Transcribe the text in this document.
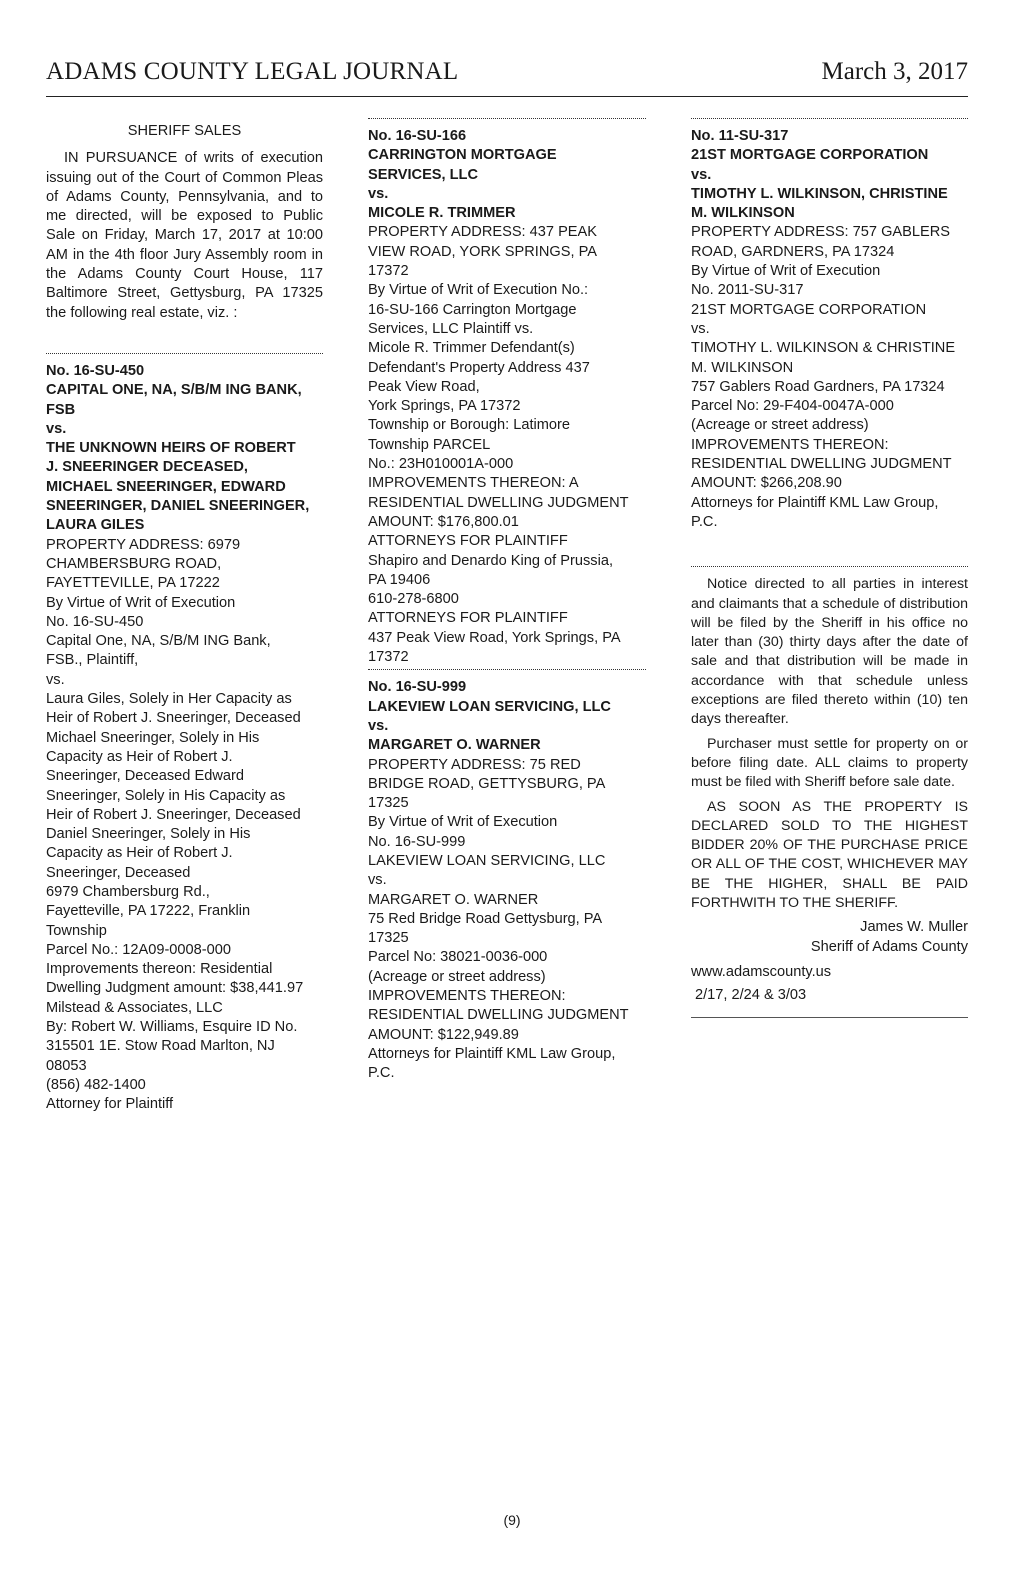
ADAMS COUNTY LEGAL JOURNAL	March 3, 2017
SHERIFF SALES

IN PURSUANCE of writs of execution issuing out of the Court of Common Pleas of Adams County, Pennsylvania, and to me directed, will be exposed to Public Sale on Friday, March 17, 2017 at 10:00 AM in the 4th floor Jury Assembly room in the Adams County Court House, 117 Baltimore Street, Gettysburg, PA 17325 the following real estate, viz. :

No. 16-SU-450
CAPITAL ONE, NA, S/B/M ING BANK,
FSB
vs.
THE UNKNOWN HEIRS OF ROBERT
J. SNEERINGER DECEASED,
MICHAEL SNEERINGER, EDWARD
SNEERINGER, DANIEL SNEERINGER,
LAURA GILES
PROPERTY ADDRESS: 6979
CHAMBERSBURG ROAD,
FAYETTEVILLE, PA 17222
By Virtue of Writ of Execution
No. 16-SU-450
Capital One, NA, S/B/M ING Bank,
FSB., Plaintiff,
vs.
Laura Giles, Solely in Her Capacity as
Heir of Robert J. Sneeringer, Deceased
Michael Sneeringer, Solely in His
Capacity as Heir of Robert J.
Sneeringer, Deceased Edward
Sneeringer, Solely in His Capacity as
Heir of Robert J. Sneeringer, Deceased
Daniel Sneeringer, Solely in His
Capacity as Heir of Robert J.
Sneeringer, Deceased
6979 Chambersburg Rd.,
Fayetteville, PA 17222, Franklin
Township
Parcel No.: 12A09-0008-000
Improvements thereon: Residential
Dwelling Judgment amount: $38,441.97
Milstead & Associates, LLC
By: Robert W. Williams, Esquire ID No.
315501 1E. Stow Road Marlton, NJ
08053
(856) 482-1400
Attorney for Plaintiff
No. 16-SU-166
CARRINGTON MORTGAGE
SERVICES, LLC
vs.
MICOLE R. TRIMMER
PROPERTY ADDRESS: 437 PEAK
VIEW ROAD, YORK SPRINGS, PA
17372
By Virtue of Writ of Execution No.:
16-SU-166 Carrington Mortgage
Services, LLC Plaintiff vs.
Micole R. Trimmer Defendant(s)
Defendant's Property Address 437
Peak View Road,
York Springs, PA 17372
Township or Borough: Latimore
Township PARCEL
No.: 23H010001A-000
IMPROVEMENTS THEREON: A
RESIDENTIAL DWELLING JUDGMENT
AMOUNT: $176,800.01
ATTORNEYS FOR PLAINTIFF
Shapiro and Denardo King of Prussia,
PA 19406
610-278-6800
ATTORNEYS FOR PLAINTIFF
437 Peak View Road, York Springs, PA
17372
No. 16-SU-999
LAKEVIEW LOAN SERVICING, LLC
vs.
MARGARET O. WARNER
PROPERTY ADDRESS: 75 RED
BRIDGE ROAD, GETTYSBURG, PA
17325
By Virtue of Writ of Execution
No. 16-SU-999
LAKEVIEW LOAN SERVICING, LLC
vs.
MARGARET O. WARNER
75 Red Bridge Road Gettysburg, PA
17325
Parcel No: 38021-0036-000
(Acreage or street address)
IMPROVEMENTS THEREON:
RESIDENTIAL DWELLING JUDGMENT
AMOUNT: $122,949.89
Attorneys for Plaintiff KML Law Group,
P.C.
No. 11-SU-317
21ST MORTGAGE CORPORATION
vs.
TIMOTHY L. WILKINSON, CHRISTINE
M. WILKINSON
PROPERTY ADDRESS: 757 GABLERS
ROAD, GARDNERS, PA 17324
By Virtue of Writ of Execution
No. 2011-SU-317
21ST MORTGAGE CORPORATION
vs.
TIMOTHY L. WILKINSON & CHRISTINE
M. WILKINSON
757 Gablers Road Gardners, PA 17324
Parcel No: 29-F404-0047A-000
(Acreage or street address)
IMPROVEMENTS THEREON:
RESIDENTIAL DWELLING JUDGMENT
AMOUNT: $266,208.90
Attorneys for Plaintiff KML Law Group,
P.C.

Notice directed to all parties in interest and claimants that a schedule of distribution will be filed by the Sheriff in his office no later than (30) thirty days after the date of sale and that distribution will be made in accordance with that schedule unless exceptions are filed thereto within (10) ten days thereafter.

Purchaser must settle for property on or before filing date. ALL claims to property must be filed with Sheriff before sale date.

AS SOON AS THE PROPERTY IS DECLARED SOLD TO THE HIGHEST BIDDER 20% OF THE PURCHASE PRICE OR ALL OF THE COST, WHICHEVER MAY BE THE HIGHER, SHALL BE PAID FORTHWITH TO THE SHERIFF.

James W. Muller
Sheriff of Adams County
www.adamscounty.us
2/17, 2/24 & 3/03
(9)
